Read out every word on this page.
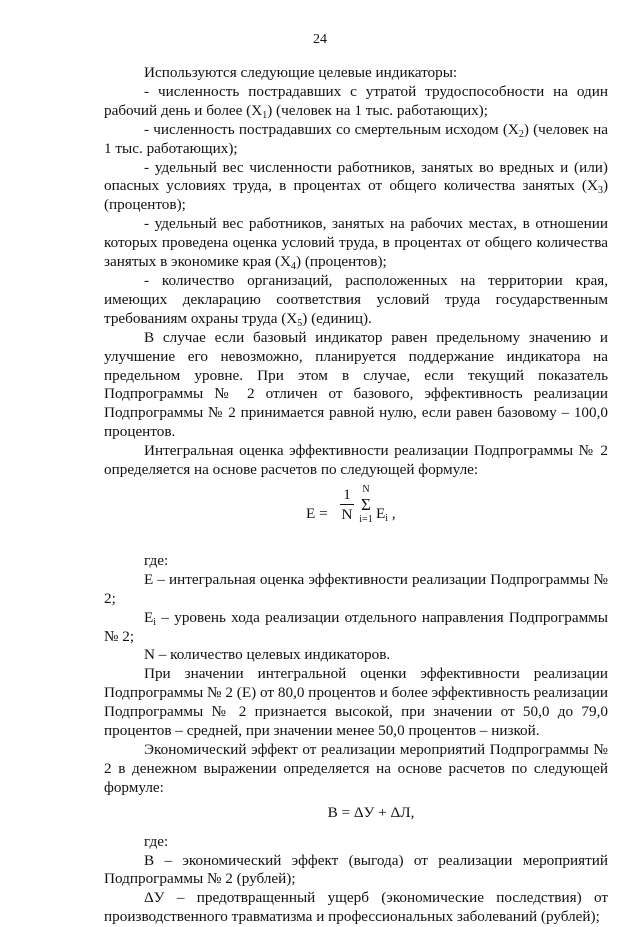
24

Используются следующие целевые индикаторы:

- численность пострадавших с утратой трудоспособности на один рабочий день и более $(X_1)$ (человек на 1 тыс. работающих);

- численность пострадавших со смертельным исходом $(X_2)$ (человек на 1 тыс. работающих);

- удельный вес численности работников, занятых во вредных и (или) опасных условиях труда, в процентах от общего количества занятых $(X_3)$ (процентов);

- удельный вес работников, занятых на рабочих местах, в отношении которых проведена оценка условий труда, в процентах от общего количества занятых в экономике края $(X_4)$ (процентов);

- количество организаций, расположенных на территории края, имеющих декларацию соответствия условий труда государственным требованиям охраны труда $(X_5)$ (единиц).

В случае если базовый индикатор равен предельному значению и улучшение его невозможно, планируется поддержание индикатора на предельном уровне. При этом в случае, если текущий показатель Подпрограммы № 2 отличен от базового, эффективность реализации Подпрограммы № 2 принимается равной нулю, если равен базовому – 100,0 процентов.

Интегральная оценка эффективности реализации Подпрограммы № 2 определяется на основе расчетов по следующей формуле:

E =
1
N
N
Σ
i=1 $E_i$ ,

где:

E – интегральная оценка эффективности реализации Подпрограммы № 2;

$E_i$ – уровень хода реализации отдельного направления Подпрограммы № 2;

N – количество целевых индикаторов.

При значении интегральной оценки эффективности реализации Подпрограммы № 2 (E) от 80,0 процентов и более эффективность реализации Подпрограммы № 2 признается высокой, при значении от 50,0 до 79,0 процентов – средней, при значении менее 50,0 процентов – низкой.

Экономический эффект от реализации мероприятий Подпрограммы № 2 в денежном выражении определяется на основе расчетов по следующей формуле:

B = ΔУ + ΔЛ,

где:

B – экономический эффект (выгода) от реализации мероприятий Подпрограммы № 2 (рублей);

ΔУ – предотвращенный ущерб (экономические последствия) от производственного травматизма и профессиональных заболеваний (рублей);
